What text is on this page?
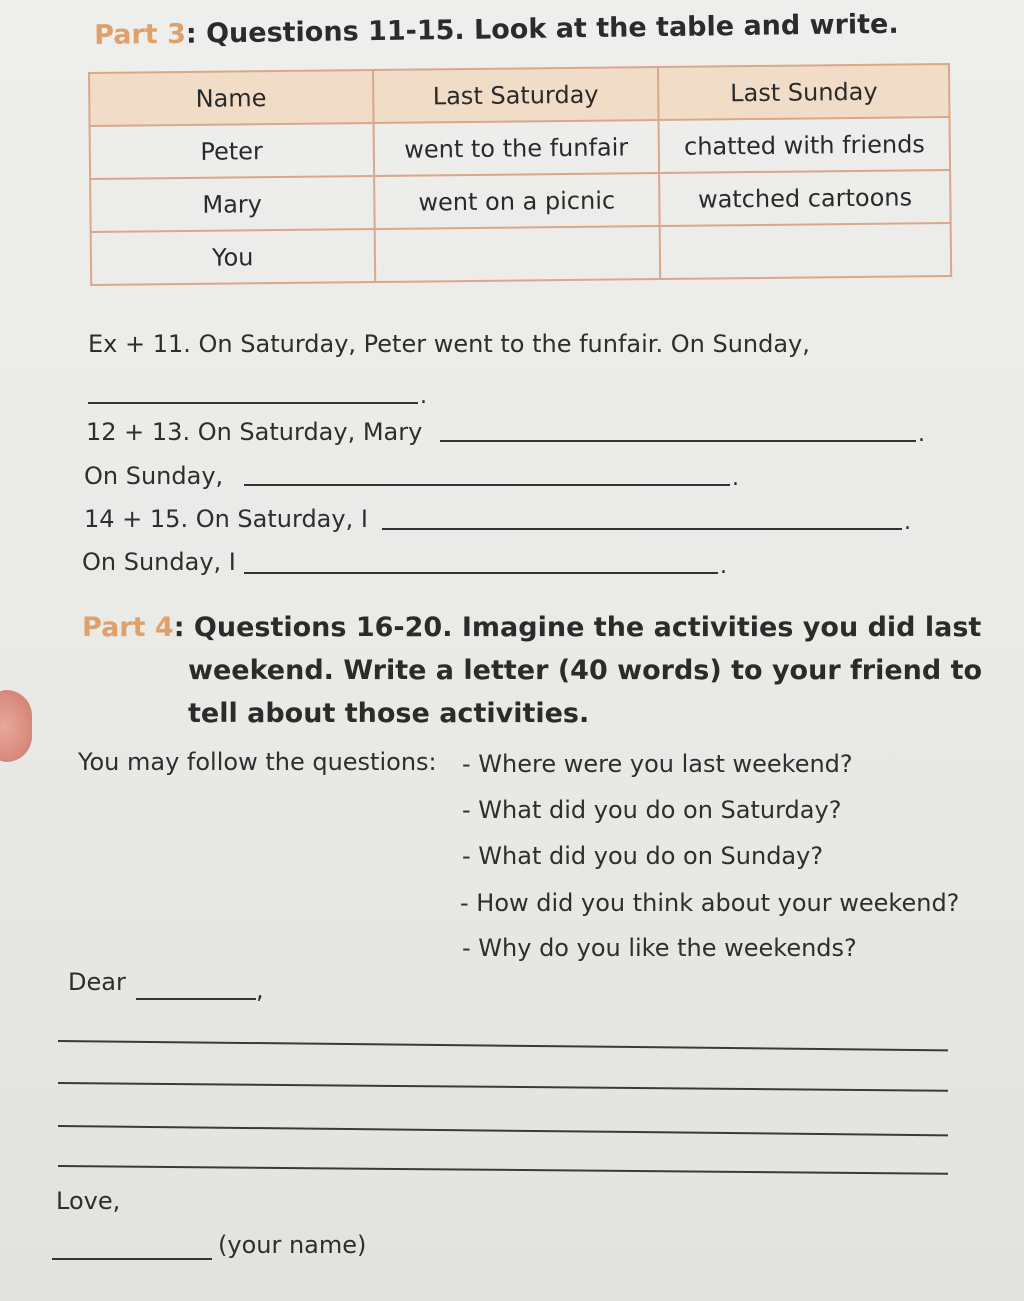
Part 3: Questions 11-15. Look at the table and write.
Name	Last Saturday	Last Sunday
Peter	went to the funfair	chatted with friends
Mary	went on a picnic	watched cartoons
You		
Ex + 11. On Saturday, Peter went to the funfair. On Sunday,
.
12 + 13. On Saturday, Mary	.
On Sunday,	.
14 + 15. On Saturday, I	.
On Sunday, I	.
Part 4: Questions 16-20. Imagine the activities you did last
weekend. Write a letter (40 words) to your friend to
tell about those activities.
You may follow the questions: - Where were you last weekend?
- What did you do on Saturday?
- What did you do on Sunday?
- How did you think about your weekend?
- Why do you like the weekends?
Dear	,
Love,
(your name)
